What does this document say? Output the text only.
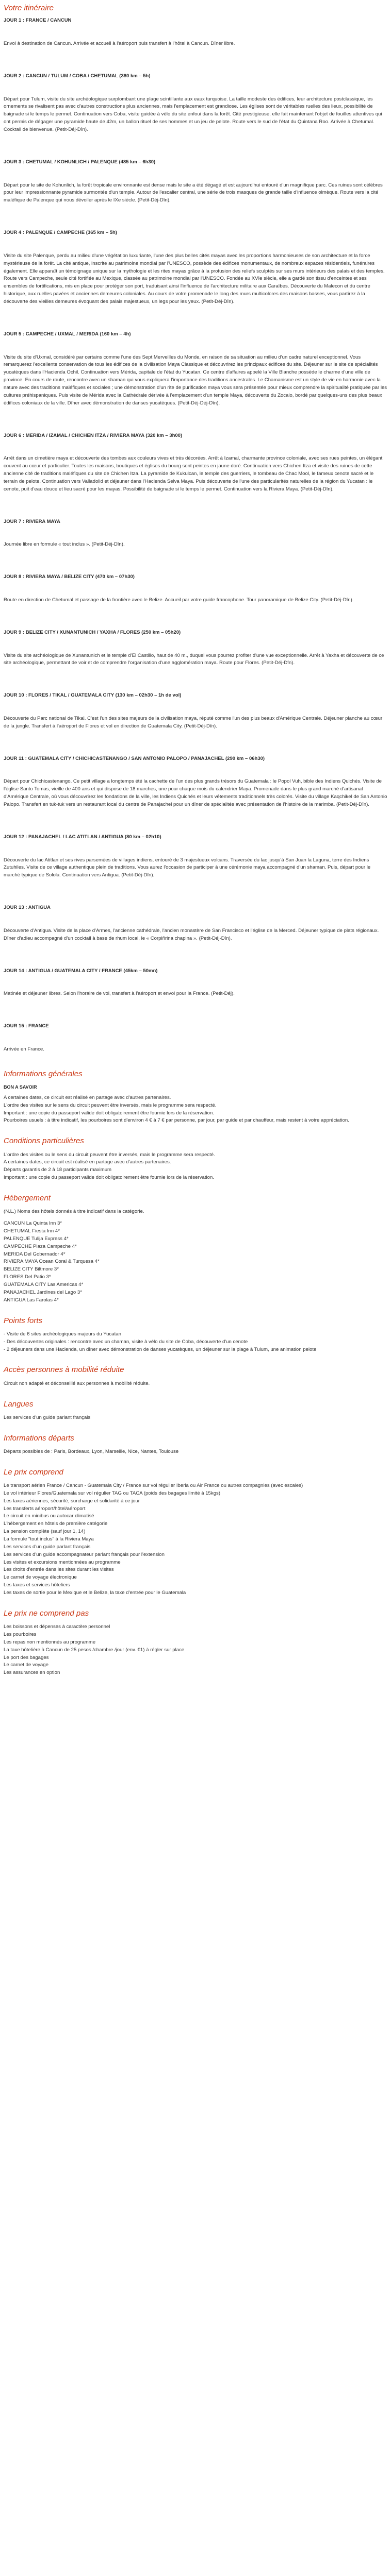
Votre itinéraire
JOUR 1 : FRANCE / CANCUN

Envol à destination de Cancun. Arrivée et accueil à l'aéroport puis transfert à l'hôtel à Cancun. Dîner libre.

JOUR 2 : CANCUN / TULUM / COBA / CHETUMAL (380 km – 5h)

Départ pour Tulum, visite du site archéologique surplombant une plage scintillante aux eaux turquoise. La taille modeste des édifices, leur architecture postclassique, les ornements se rivalisent pas avec d'autres constructions plus anciennes, mais l'emplacement est grandiose. Les églises sont de véritables ruelles des lieux, possibilité de baignade si le temps le permet. Continuation vers Coba, visite guidée à vélo du site enfoui dans la forêt. Cité prestigieuse, elle fait maintenant l'objet de fouilles attentives qui ont permis de dégager une pyramide haute de 42m, un ballon rituel de ses hommes et un jeu de pelote. Route vers le sud de l'état du Quintana Roo. Arrivée à Chetumal. Cocktail de bienvenue. (Petit-Déj-Dîn).

JOUR 3 : CHETUMAL / KOHUNLICH / PALENQUE (485 km – 6h30)

Départ pour le site de Kohunlich, la forêt tropicale environnante est dense mais le site a été dégagé et est aujourd'hui entouré d'un magnifique parc. Ces ruines sont célèbres pour leur impressionnante pyramide surmontée d'un temple. Autour de l'escalier central, une série de trois masques de grande taille d'influence olmèque. Route vers la cité maléfique de Palenque qui nous dévoiler après le IXe siècle. (Petit-Déj-Dîn).

JOUR 4 : PALENQUE / CAMPECHE (365 km – 5h)

Visite du site Palenque, perdu au milieu d'une végétation luxuriante, l'une des plus belles cités mayas avec les proportions harmonieuses de son architecture et la force mystérieuse de la forêt. La cité antique, inscrite au patrimoine mondial par l'UNESCO, possède des édifices monumentaux, de nombreux espaces résidentiels, funéraires également. Elle apparaît un témoignage unique sur la mythologie et les rites mayas grâce à la profusion des reliefs sculptés sur ses murs intérieurs des palais et des temples. Route vers Campeche, seule cité fortifiée au Mexique, classée au patrimoine mondial par l'UNESCO. Fondée au XVIe siècle, elle a gardé son tissu d'enceintes et ses ensembles de fortifications, mis en place pour protéger son port, traduisant ainsi l'influence de l'architecture militaire aux Caraïbes. Découverte du Malecon et du centre historique, aux ruelles pavées et anciennes demeures coloniales. Au cours de votre promenade le long des murs multicolores des maisons basses, vous partirez à la découverte des vieilles demeures évoquant des palais majestueux, un legs pour les yeux. (Petit-Déj-Dîn).

JOUR 5 : CAMPECHE / UXMAL / MERIDA (160 km – 4h)

Visite du site d'Uxmal, considéré par certains comme l'une des Sept Merveilles du Monde, en raison de sa situation au milieu d'un cadre naturel exceptionnel. Vous remarquerez l'excellente conservation de tous les édifices de la civilisation Maya Classique et découvrirez les principaux édifices du site. Déjeuner sur le site de spécialités yucatèques dans l'Hacienda Ochil. Continuation vers Mérida, capitale de l'état du Yucatan. Ce centre d'affaires appelé la Ville Blanche possède le charme d'une ville de province. En cours de route, rencontre avec un shaman qui vous expliquera l'importance des traditions ancestrales. Le Chamanisme est un style de vie en harmonie avec la nature avec des traditions maléfiques et sociales ; une démonstration d'un rite de purification maya vous sera présentée pour mieux comprendre la spiritualité pratiquée par les cultures préhispaniques. Puis visite de Mérida avec la Cathédrale dérivée à l'emplacement d'un temple Maya, découverte du Zocalo, bordé par quelques-uns des plus beaux édifices coloniaux de la ville. Dîner avec démonstration de danses yucatèques. (Petit-Déj-Déj-Dîn).

JOUR 6 : MERIDA / IZAMAL / CHICHEN ITZA / RIVIERA MAYA (320 km – 3h00)

Arrêt dans un cimetière maya et découverte des tombes aux couleurs vives et très décorées. Arrêt à Izamal, charmante province coloniale, avec ses rues peintes, un élégant couvent au cœur et particulier. Toutes les maisons, boutiques et églises du bourg sont peintes en jaune doré. Continuation vers Chichen Itza et visite des ruines de cette ancienne cité de traditions maléfiques du site de Chichen Itza. La pyramide de Kukulcan, le temple des guerriers, le tombeau de Chac Mool, le fameux cenote sacré et le terrain de pelote. Continuation vers Valladolid et déjeuner dans l'Hacienda Selva Maya. Puis découverte de l'une des particularités naturelles de la région du Yucatan : le cenote, puit d'eau douce et lieu sacré pour les mayas. Possibilité de baignade si le temps le permet. Continuation vers la Riviera Maya. (Petit-Déj-Dîn).

JOUR 7 : RIVIERA MAYA

Journée libre en formule « tout inclus ». (Petit-Déj-Dîn).

JOUR 8 : RIVIERA MAYA / BELIZE CITY (470 km – 07h30)

Route en direction de Chetumal et passage de la frontière avec le Belize. Accueil par votre guide francophone. Tour panoramique de Belize City. (Petit-Déj-Dîn).

JOUR 9 : BELIZE CITY / XUNANTUNICH / YAXHA / FLORES (250 km – 05h20)

Visite du site archéologique de Xunantunich et le temple d'El Castillo, haut de 40 m., duquel vous pourrez profiter d'une vue exceptionnelle. Arrêt à Yaxha et découverte de ce site archéologique, permettant de voir et de comprendre l'organisation d'une agglomération maya. Route pour Flores. (Petit-Déj-Dîn).

JOUR 10 : FLORES / TIKAL / GUATEMALA CITY (130 km – 02h30 – 1h de vol)

Découverte du Parc national de Tikal. C'est l'un des sites majeurs de la civilisation maya, réputé comme l'un des plus beaux d'Amérique Centrale. Déjeuner planche au cœur de la jungle. Transfert à l'aéroport de Flores et vol en direction de Guatemala City. (Petit-Déj-Dîn).

JOUR 11 : GUATEMALA CITY / CHICHICASTENANGO / SAN ANTONIO PALOPO / PANAJACHEL (290 km – 06h30)

Départ pour Chichicastenango. Ce petit village a longtemps été la cachette de l'un des plus grands trésors du Guatemala : le Popol Vuh, bible des Indiens Quichés. Visite de l'église Santo Tomas, vieille de 400 ans et qui dispose de 18 marches, une pour chaque mois du calendrier Maya. Promenade dans le plus grand marché d'artisanat d'Amérique Centrale, où vous découvrirez les fondations de la ville, les Indiens Quichés et leurs vêtements traditionnels très colorés. Visite du village Kaqchikel de San Antonio Palopo. Transfert en tuk-tuk vers un restaurant local du centre de Panajachel pour un dîner de spécialités avec présentation de l'histoire de la marimba. (Petit-Déj-Dîn).

JOUR 12 : PANAJACHEL / LAC ATITLAN / ANTIGUA (80 km – 02h10)

Découverte du lac Atitlan et ses rives parsemées de villages indiens, entouré de 3 majestueux volcans. Traversée du lac jusqu'à San Juan la Laguna, terre des Indiens Zutuhiles. Visite de ce village authentique plein de traditions. Vous aurez l'occasion de participer à une cérémonie maya accompagné d'un shaman. Puis, départ pour le marché typique de Solola. Continuation vers Antigua. (Petit-Déj-Dîn).

JOUR 13 : ANTIGUA

Découverte d'Antigua. Visite de la place d'Armes, l'ancienne cathédrale, l'ancien monastère de San Francisco et l'église de la Merced. Déjeuner typique de plats régionaux. Dîner d'adieu accompagné d'un cocktail à base de rhum local, le « Corpiñrina chapina ». (Petit-Déj-Dîn).

JOUR 14 : ANTIGUA / GUATEMALA CITY / FRANCE (45km – 50mn)

Matinée et déjeuner libres. Selon l'horaire de vol, transfert à l'aéroport et envol pour la France. (Petit-Déj).

JOUR 15 : FRANCE

Arrivée en France.

Informations générales
BON A SAVOIR

A certaines dates, ce circuit est réalisé en partage avec d'autres partenaires.

L'ordre des visites sur le sens du circuit peuvent être inversés, mais le programme sera respecté.

Important : une copie du passeport valide doit obligatoirement être fournie lors de la réservation.

Pourboires usuels : à titre indicatif, les pourboires sont d'environ 4 € à 7 € par personne, par jour, par guide et par chauffeur, mais restent à votre appréciation.

Conditions particulières

L'ordre des visites ou le sens du circuit peuvent être inversés, mais le programme sera respecté.

A certaines dates, ce circuit est réalisé en partage avec d'autres partenaires.

Départs garantis de 2 à 18 participants maximum

Important : une copie du passeport valide doit obligatoirement être fournie lors de la réservation.

Hébergement

(N.L.) Noms des hôtels donnés à titre indicatif dans la catégorie.

CANCUN La Quinta Inn 3*

CHETUMAL Fiesta Inn 4*

PALENQUE Tulija Express 4*

CAMPECHE Plaza Campeche 4*

MERIDA Del Gobernador 4*

RIVIERA MAYA Ocean Coral & Turquesa 4*

BELIZE CITY Biltmore 3*

FLORES Del Patio 3*

GUATEMALA CITY Las Americas 4*

PANAJACHEL Jardines del Lago 3*

ANTIGUA Las Farolas 4*

Points forts

- Visite de 6 sites archéologiques majeurs du Yucatan

- Des découvertes originales : rencontre avec un chaman, visite à vélo du site de Coba, découverte d'un cenote

- 2 déjeuners dans une Hacienda, un dîner avec démonstration de danses yucatèques, un déjeuner sur la plage à Tulum, une animation pelote

Accès personnes à mobilité réduite

Circuit non adapté et déconseillé aux personnes à mobilité réduite.

Langues

Les services d'un guide parlant français

Informations départs

Départs possibles de : Paris, Bordeaux, Lyon, Marseille, Nice, Nantes, Toulouse

Le prix comprend

Le transport aérien France / Cancun - Guatemala City / France sur vol régulier Iberia ou Air France ou autres compagnies (avec escales)

Le vol intérieur Flores/Guatemala sur vol régulier TAG ou TACA (poids des bagages limité à 15kgs)

Les taxes aériennes, sécurité, surcharge et solidarité à ce jour

Les transferts aéroport/hôtel/aéroport

Le circuit en minibus ou autocar climatisé

L'hébergement en hôtels de première catégorie

La pension complète (sauf jour 1, 14)

La formule "tout inclus" à la Riviera Maya

Les services d'un guide parlant français

Les services d'un guide accompagnateur parlant français pour l'extension

Les visites et excursions mentionnées au programme

Les droits d'entrée dans les sites durant les visites

Le carnet de voyage électronique

Les taxes et services hôteliers

Les taxes de sortie pour le Mexique et le Belize, la taxe d'entrée pour le Guatemala

Le prix ne comprend pas

Les boissons et dépenses à caractère personnel

Les pourboires

Les repas non mentionnés au programme

La taxe hôtelière à Cancun de 25 pesos /chambre /jour (env. €1) à régler sur place

Le port des bagages

Le carnet de voyage

Les assurances en option
